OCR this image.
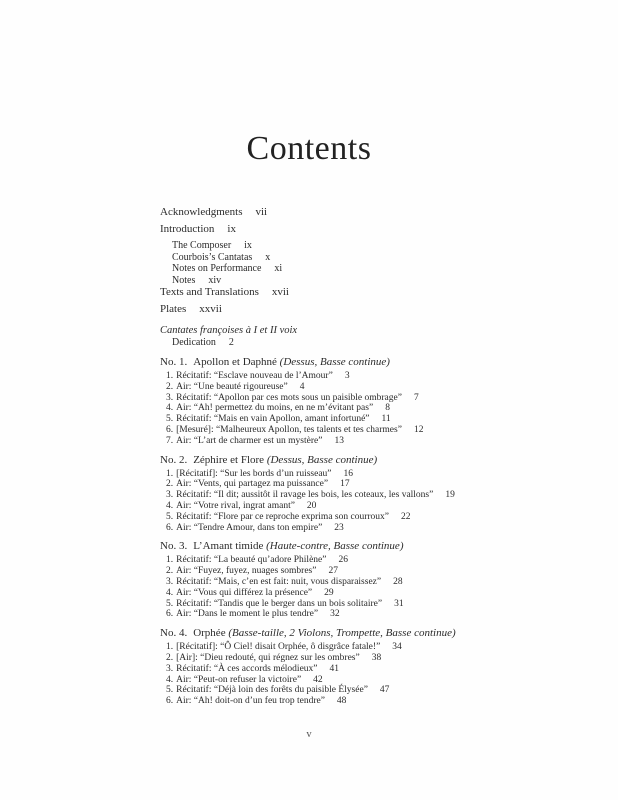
Contents
Acknowledgments vii
Introduction ix
The Composer ix
Courbois’s Cantatas x
Notes on Performance xi
Notes xiv
Texts and Translations xvii
Plates xxvii
Cantates françoises à I et II voix
Dedication 2
No. 1. Apollon et Daphné (Dessus, Basse continue)
1. Récitatif: “Esclave nouveau de l’Amour” 3
2. Air: “Une beauté rigoureuse” 4
3. Récitatif: “Apollon par ces mots sous un paisible ombrage” 7
4. Air: “Ah! permettez du moins, en ne m’évitant pas” 8
5. Récitatif: “Mais en vain Apollon, amant infortuné” 11
6. [Mesuré]: “Malheureux Apollon, tes talents et tes charmes” 12
7. Air: “L’art de charmer est un mystère” 13
No. 2. Zéphire et Flore (Dessus, Basse continue)
1. [Récitatif]: “Sur les bords d’un ruisseau” 16
2. Air: “Vents, qui partagez ma puissance” 17
3. Récitatif: “Il dit; aussitôt il ravage les bois, les coteaux, les vallons” 19
4. Air: “Votre rival, ingrat amant” 20
5. Récitatif: “Flore par ce reproche exprima son courroux” 22
6. Air: “Tendre Amour, dans ton empire” 23
No. 3. L’Amant timide (Haute-contre, Basse continue)
1. Récitatif: “La beauté qu’adore Philène” 26
2. Air: “Fuyez, fuyez, nuages sombres” 27
3. Récitatif: “Mais, c’en est fait: nuit, vous disparaissez” 28
4. Air: “Vous qui différez la présence” 29
5. Récitatif: “Tandis que le berger dans un bois solitaire” 31
6. Air: “Dans le moment le plus tendre” 32
No. 4. Orphée (Basse-taille, 2 Violons, Trompette, Basse continue)
1. [Récitatif]: “Ô Ciel! disait Orphée, ô disgrâce fatale!” 34
2. [Air]: “Dieu redouté, qui régnez sur les ombres” 38
3. Récitatif: “À ces accords mélodieux” 41
4. Air: “Peut-on refuser la victoire” 42
5. Récitatif: “Déjà loin des forêts du paisible Élysée” 47
6. Air: “Ah! doit-on d’un feu trop tendre” 48
v
